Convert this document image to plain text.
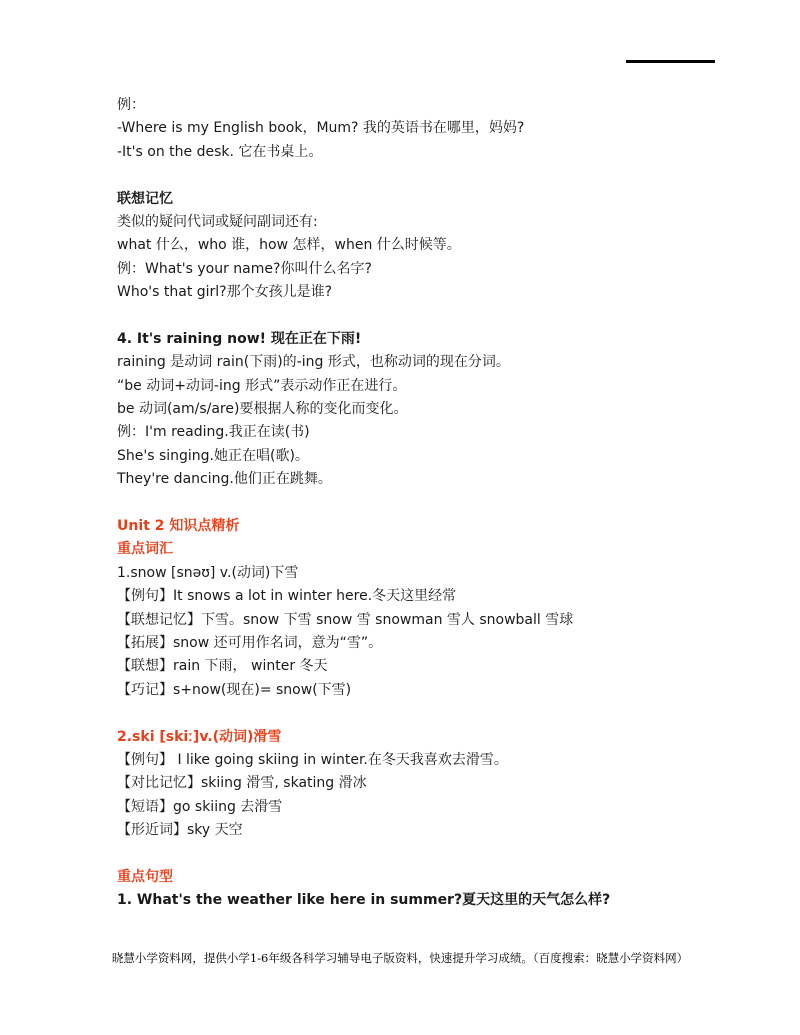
例：
-Where is my English book，Mum? 我的英语书在哪里，妈妈?
-It's on the desk. 它在书桌上。
联想记忆
类似的疑问代词或疑问副词还有:
what 什么，who 谁，how 怎样，when 什么时候等。
例：What's your name?你叫什么名字?
Who's that girl?那个女孩儿是谁?
4. It's raining now! 现在正在下雨!
raining 是动词 rain(下雨)的-ing 形式，也称动词的现在分词。
“be 动词+动词-ing 形式”表示动作正在进行。
be 动词(am/s/are)要根据人称的变化而变化。
例：I'm reading.我正在读(书)
She's singing.她正在唱(歌)。
They're dancing.他们正在跳舞。
Unit 2 知识点精析
重点词汇
1.snow [snəʊ] v.(动词)下雪
【例句】It snows a lot in winter here.冬天这里经常
【联想记忆】下雪。snow 下雪 snow 雪 snowman 雪人 snowball 雪球
【拓展】snow 还可用作名词，意为“雪”。
【联想】rain 下雨， winter 冬天
【巧记】s+now(现在)= snow(下雪)
2.ski [skiː]v.(动词)滑雪
【例句】 I like going skiing in winter.在冬天我喜欢去滑雪。
【对比记忆】skiing 滑雪, skating 滑冰
【短语】go skiing 去滑雪
【形近词】sky 天空
重点句型
1. What's the weather like here in summer?夏天这里的天气怎么样?
晓慧小学资料网，提供小学1-6年级各科学习辅导电子版资料，快速提升学习成绩。（百度搜索：晓慧小学资料网）
